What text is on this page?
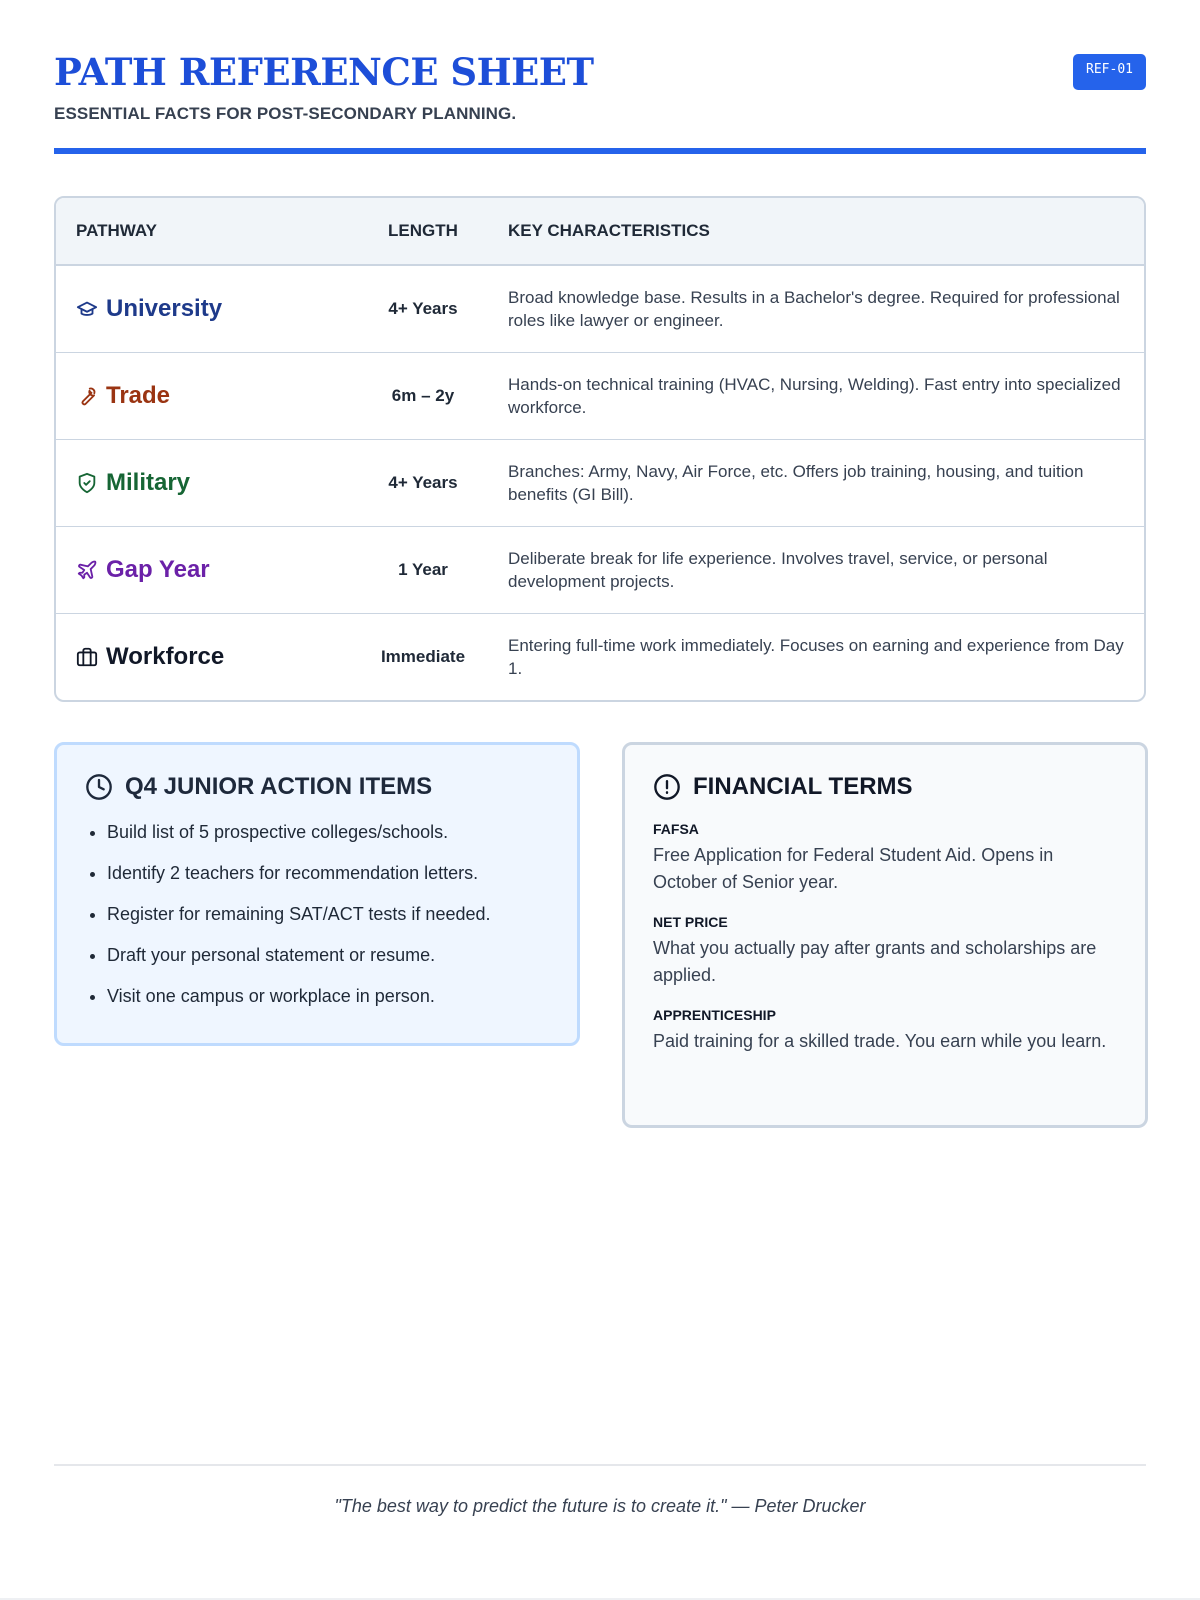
PATH REFERENCE SHEET
ESSENTIAL FACTS FOR POST-SECONDARY PLANNING.
REF-01
PATHWAY	LENGTH	KEY CHARACTERISTICS

University	4+ Years	Broad knowledge base. Results in a Bachelor's degree. Required for professional roles like lawyer or engineer.

Trade	6m – 2y	Hands-on technical training (HVAC, Nursing, Welding). Fast entry into specialized workforce.

Military	4+ Years	Branches: Army, Navy, Air Force, etc. Offers job training, housing, and tuition benefits (GI Bill).

Gap Year	1 Year	Deliberate break for life experience. Involves travel, service, or personal development projects.

Workforce	Immediate	Entering full-time work immediately. Focuses on earning and experience from Day 1.
Q4 JUNIOR ACTION ITEMS
• Build list of 5 prospective colleges/schools.
• Identify 2 teachers for recommendation letters.
• Register for remaining SAT/ACT tests if needed.
• Draft your personal statement or resume.
• Visit one campus or workplace in person.
FINANCIAL TERMS
FAFSA
Free Application for Federal Student Aid. Opens in October of Senior year.
NET PRICE
What you actually pay after grants and scholarships are applied.
APPRENTICESHIP
Paid training for a skilled trade. You earn while you learn.
"The best way to predict the future is to create it." — Peter Drucker
